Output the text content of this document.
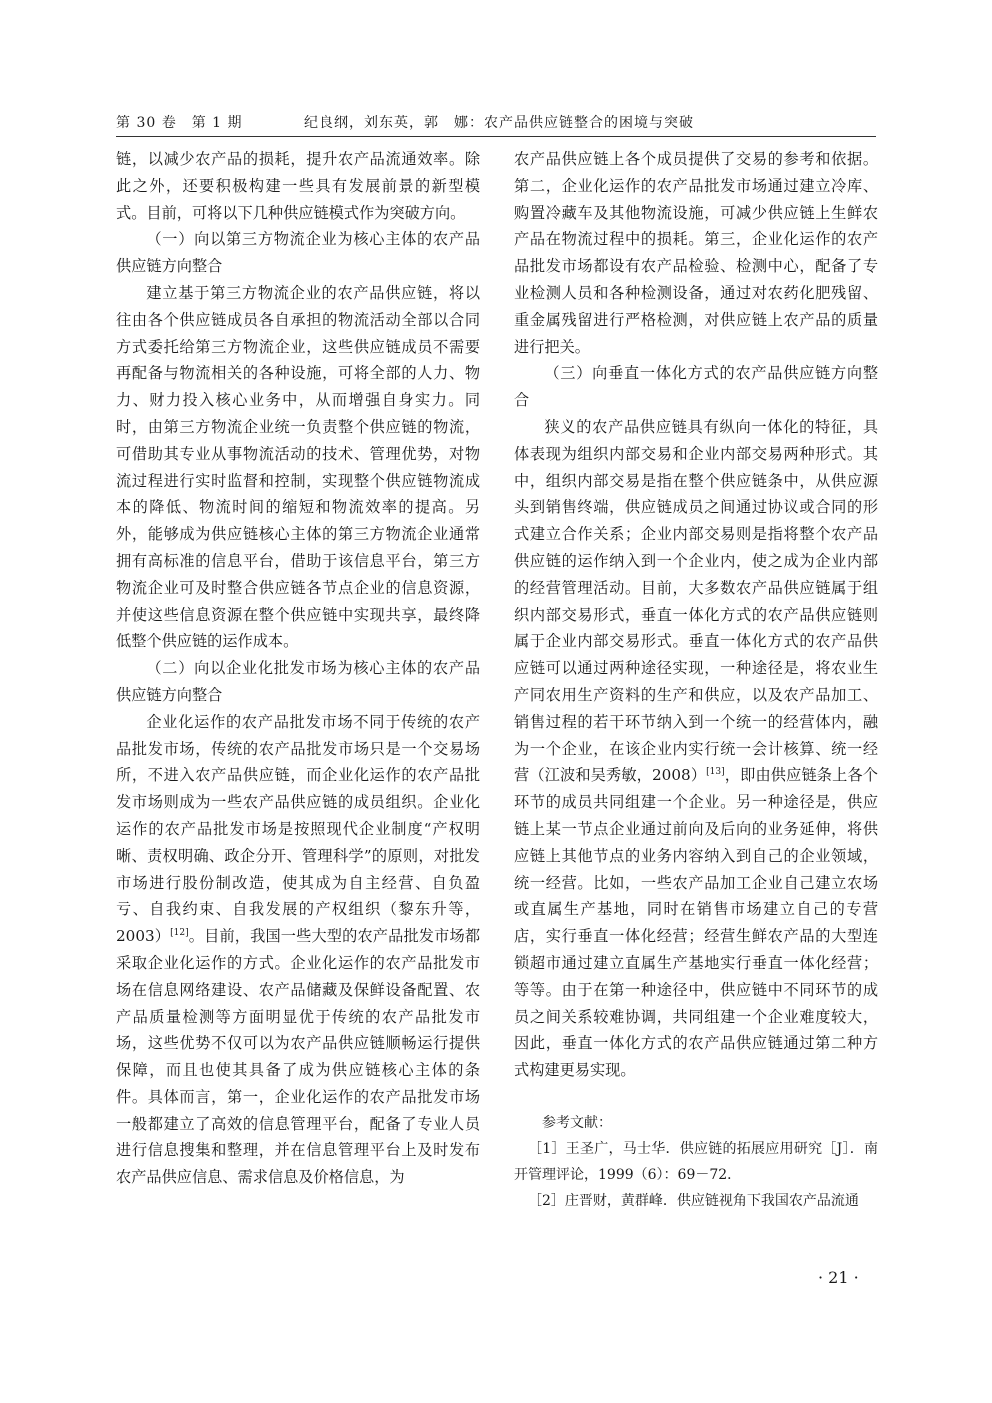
第 30 卷　第 1 期	纪良纲，刘东英，郭　娜：农产品供应链整合的困境与突破

链，以减少农产品的损耗，提升农产品流通效率。除此之外，还要积极构建一些具有发展前景的新型模式。目前，可将以下几种供应链模式作为突破方向。

（一）向以第三方物流企业为核心主体的农产品供应链方向整合

建立基于第三方物流企业的农产品供应链，将以往由各个供应链成员各自承担的物流活动全部以合同方式委托给第三方物流企业，这些供应链成员不需要再配备与物流相关的各种设施，可将全部的人力、物力、财力投入核心业务中，从而增强自身实力。同时，由第三方物流企业统一负责整个供应链的物流，可借助其专业从事物流活动的技术、管理优势，对物流过程进行实时监督和控制，实现整个供应链物流成本的降低、物流时间的缩短和物流效率的提高。另外，能够成为供应链核心主体的第三方物流企业通常拥有高标准的信息平台，借助于该信息平台，第三方物流企业可及时整合供应链各节点企业的信息资源，并使这些信息资源在整个供应链中实现共享，最终降低整个供应链的运作成本。

（二）向以企业化批发市场为核心主体的农产品供应链方向整合

企业化运作的农产品批发市场不同于传统的农产品批发市场，传统的农产品批发市场只是一个交易场所，不进入农产品供应链，而企业化运作的农产品批发市场则成为一些农产品供应链的成员组织。企业化运作的农产品批发市场是按照现代企业制度“产权明晰、责权明确、政企分开、管理科学”的原则，对批发市场进行股份制改造，使其成为自主经营、自负盈亏、自我约束、自我发展的产权组织（黎东升等，2003）[12]。目前，我国一些大型的农产品批发市场都采取企业化运作的方式。企业化运作的农产品批发市场在信息网络建设、农产品储藏及保鲜设备配置、农产品质量检测等方面明显优于传统的农产品批发市场，这些优势不仅可以为农产品供应链顺畅运行提供保障，而且也使其具备了成为供应链核心主体的条件。具体而言，第一，企业化运作的农产品批发市场一般都建立了高效的信息管理平台，配备了专业人员进行信息搜集和整理，并在信息管理平台上及时发布农产品供应信息、需求信息及价格信息，为

农产品供应链上各个成员提供了交易的参考和依据。第二，企业化运作的农产品批发市场通过建立冷库、购置冷藏车及其他物流设施，可减少供应链上生鲜农产品在物流过程中的损耗。第三，企业化运作的农产品批发市场都设有农产品检验、检测中心，配备了专业检测人员和各种检测设备，通过对农药化肥残留、重金属残留进行严格检测，对供应链上农产品的质量进行把关。

（三）向垂直一体化方式的农产品供应链方向整合

狭义的农产品供应链具有纵向一体化的特征，具体表现为组织内部交易和企业内部交易两种形式。其中，组织内部交易是指在整个供应链条中，从供应源头到销售终端，供应链成员之间通过协议或合同的形式建立合作关系；企业内部交易则是指将整个农产品供应链的运作纳入到一个企业内，使之成为企业内部的经营管理活动。目前，大多数农产品供应链属于组织内部交易形式，垂直一体化方式的农产品供应链则属于企业内部交易形式。垂直一体化方式的农产品供应链可以通过两种途径实现，一种途径是，将农业生产同农用生产资料的生产和供应，以及农产品加工、销售过程的若干环节纳入到一个统一的经营体内，融为一个企业，在该企业内实行统一会计核算、统一经营（江波和吴秀敏，2008）[13]，即由供应链条上各个环节的成员共同组建一个企业。另一种途径是，供应链上某一节点企业通过前向及后向的业务延伸，将供应链上其他节点的业务内容纳入到自己的企业领域，统一经营。比如，一些农产品加工企业自己建立农场或直属生产基地，同时在销售市场建立自己的专营店，实行垂直一体化经营；经营生鲜农产品的大型连锁超市通过建立直属生产基地实行垂直一体化经营；等等。由于在第一种途径中，供应链中不同环节的成员之间关系较难协调，共同组建一个企业难度较大，因此，垂直一体化方式的农产品供应链通过第二种方式构建更易实现。

参考文献：
［1］王圣广，马士华．供应链的拓展应用研究［J］．南开管理评论，1999（6）：69－72．
［2］庄晋财，黄群峰．供应链视角下我国农产品流通
· 21 ·
